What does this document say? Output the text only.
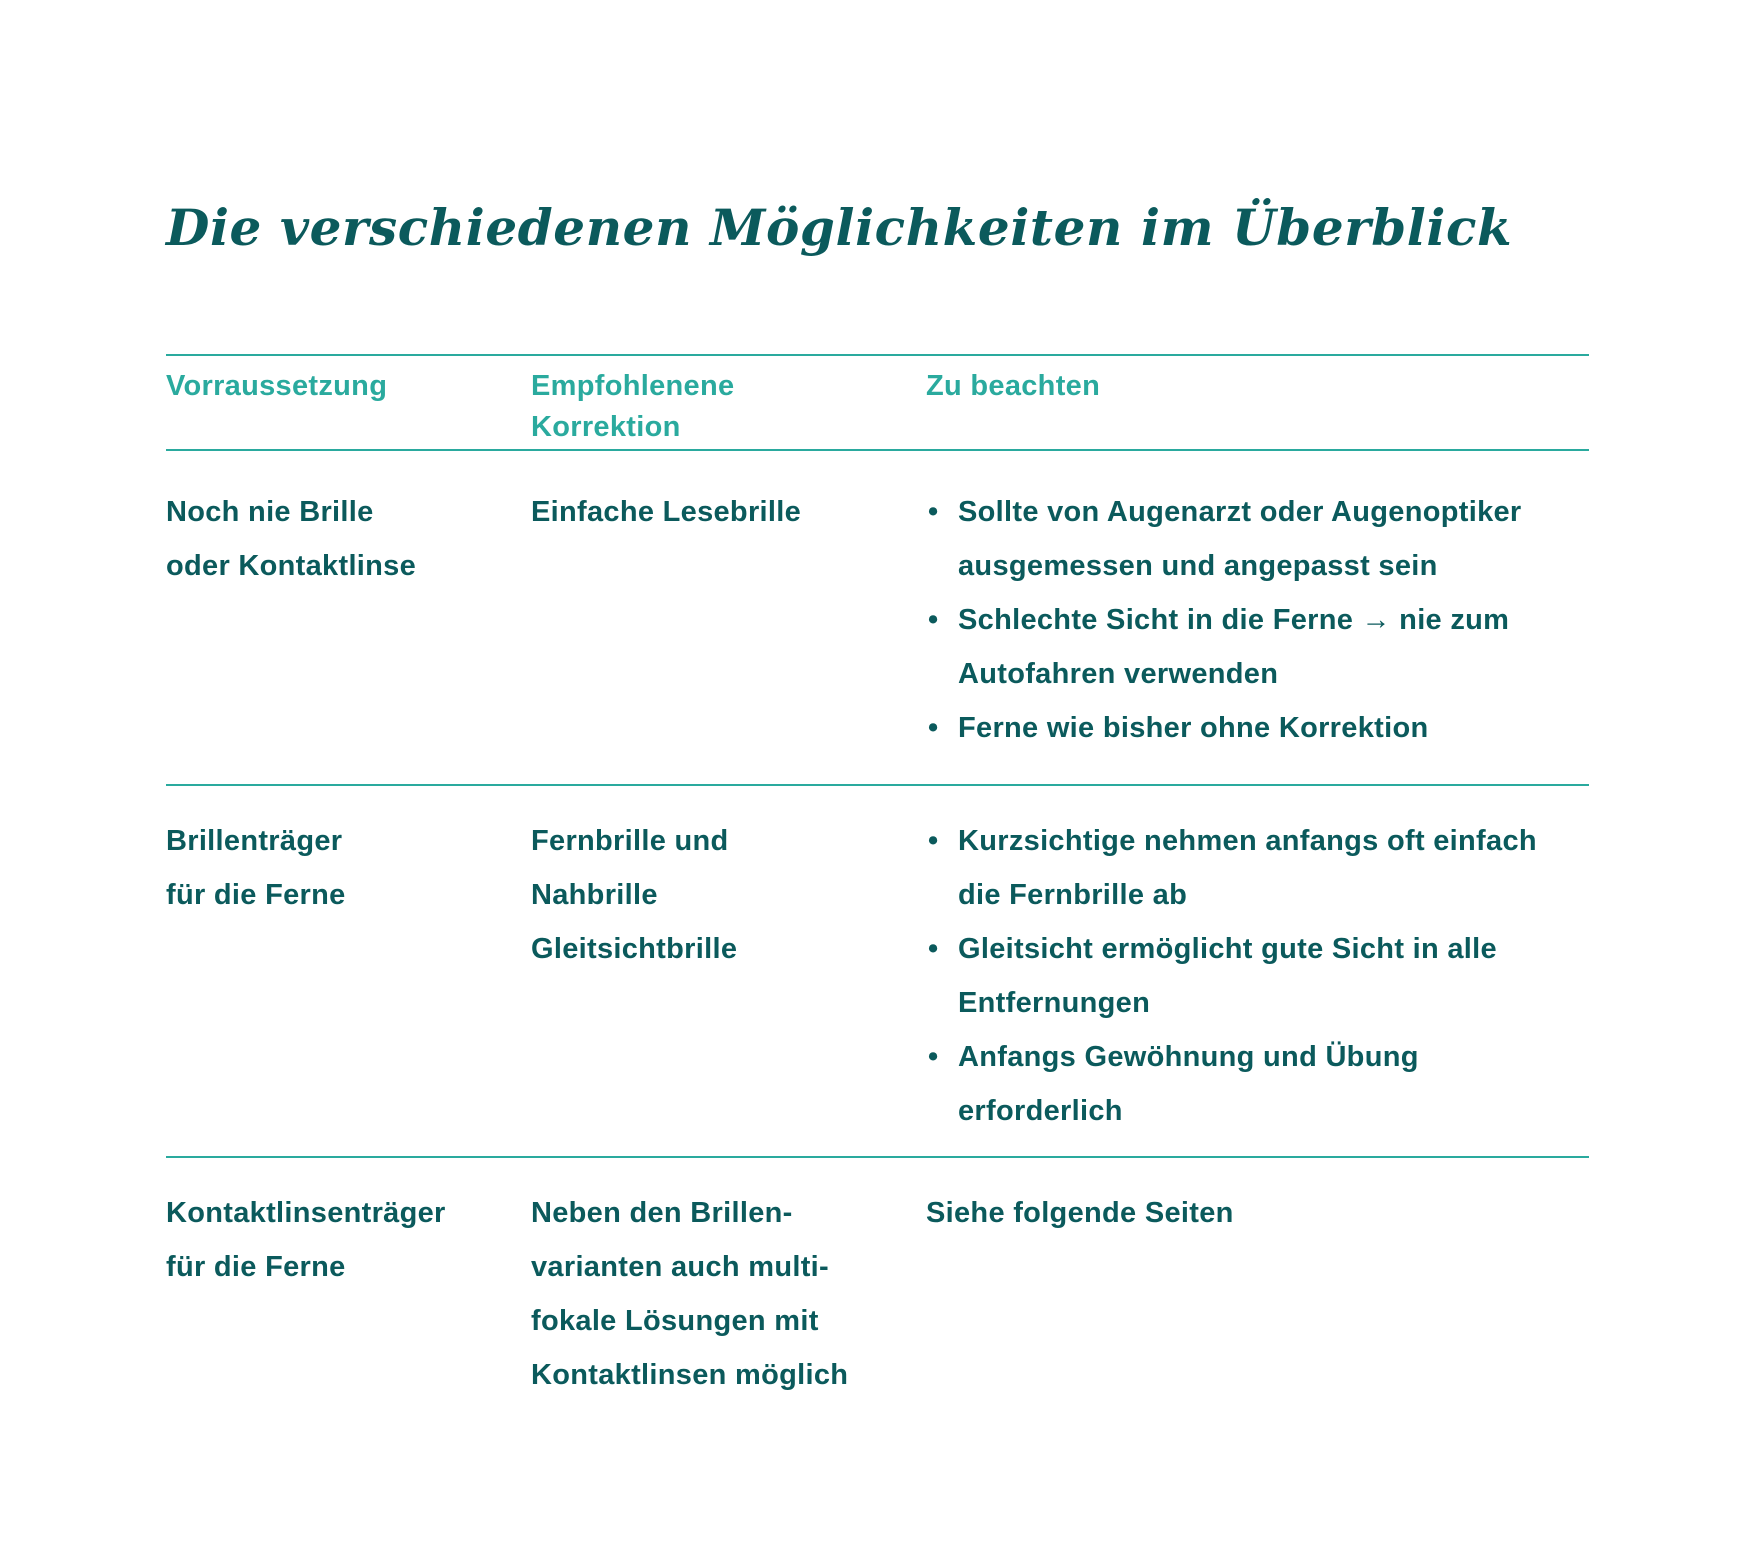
Die verschiedenen Möglichkeiten im Überblick
Vorraussetzung	Empfohlenene
Korrektion
Zu beachten
Noch nie Brille
oder Kontaktlinse
Einfache Lesebrille	• Sollte von Augenarzt oder Augenoptiker
ausgemessen und angepasst sein
• Schlechte Sicht in die Ferne → nie zum
Autofahren verwenden
• Ferne wie bisher ohne Korrektion
Brillenträger
für die Ferne
Fernbrille und
Nahbrille
Gleitsichtbrille
• Kurzsichtige nehmen anfangs oft einfach
die Fernbrille ab
• Gleitsicht ermöglicht gute Sicht in alle
Entfernungen
• Anfangs Gewöhnung und Übung
erforderlich
Kontaktlinsenträger
für die Ferne
Neben den Brillen-
varianten auch multi-
fokale Lösungen mit
Kontaktlinsen möglich
Siehe folgende Seiten
